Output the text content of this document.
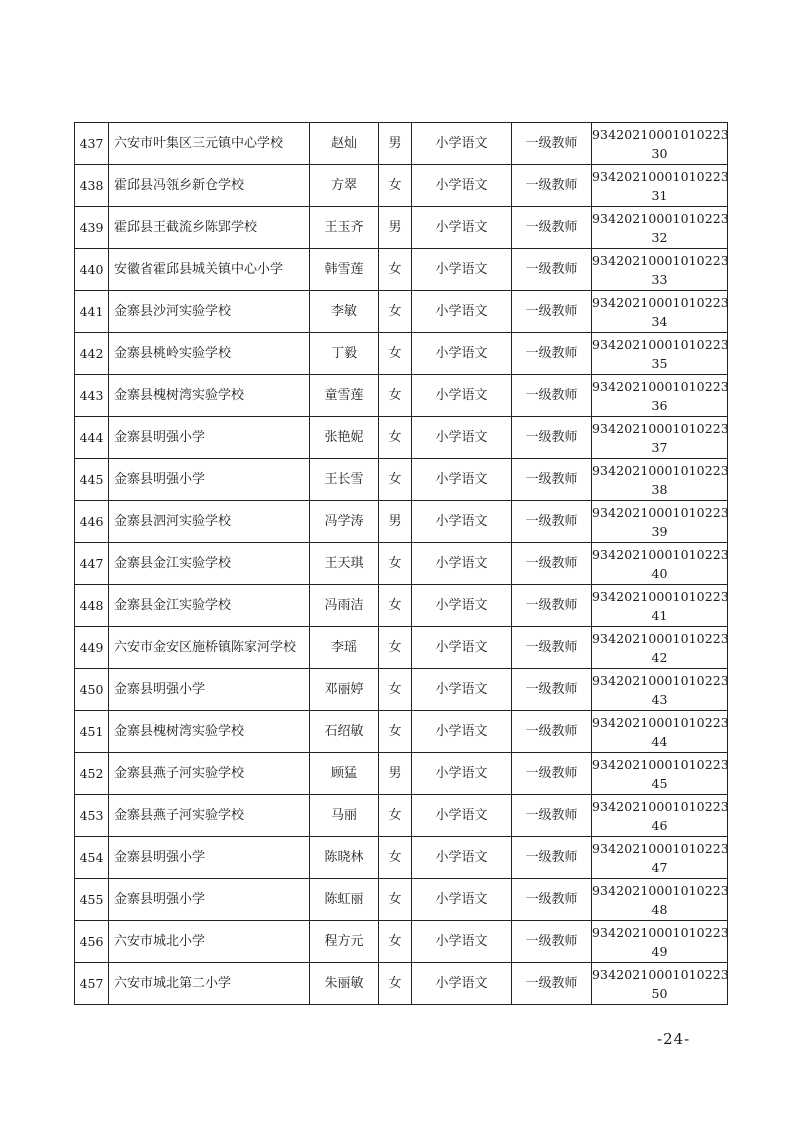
437	六安市叶集区三元镇中心学校	赵灿	男	小学语文	一级教师	93420210001010223
30

438	霍邱县冯瓴乡新仓学校	方翠	女	小学语文	一级教师	93420210001010223
31

439	霍邱县王截流乡陈郢学校	王玉齐	男	小学语文	一级教师	93420210001010223
32

440	安徽省霍邱县城关镇中心小学	韩雪莲	女	小学语文	一级教师	93420210001010223
33

441	金寨县沙河实验学校	李敏	女	小学语文	一级教师	93420210001010223
34

442	金寨县桃岭实验学校	丁毅	女	小学语文	一级教师	93420210001010223
35

443	金寨县槐树湾实验学校	童雪莲	女	小学语文	一级教师	93420210001010223
36

444	金寨县明强小学	张艳妮	女	小学语文	一级教师	93420210001010223
37

445	金寨县明强小学	王长雪	女	小学语文	一级教师	93420210001010223
38

446	金寨县泗河实验学校	冯学涛	男	小学语文	一级教师	93420210001010223
39

447	金寨县金江实验学校	王天琪	女	小学语文	一级教师	93420210001010223
40

448	金寨县金江实验学校	冯雨洁	女	小学语文	一级教师	93420210001010223
41

449	六安市金安区施桥镇陈家河学校	李瑶	女	小学语文	一级教师	93420210001010223
42

450	金寨县明强小学	邓丽婷	女	小学语文	一级教师	93420210001010223
43

451	金寨县槐树湾实验学校	石绍敏	女	小学语文	一级教师	93420210001010223
44

452	金寨县燕子河实验学校	顾猛	男	小学语文	一级教师	93420210001010223
45

453	金寨县燕子河实验学校	马丽	女	小学语文	一级教师	93420210001010223
46

454	金寨县明强小学	陈晓林	女	小学语文	一级教师	93420210001010223
47

455	金寨县明强小学	陈虹丽	女	小学语文	一级教师	93420210001010223
48

456	六安市城北小学	程方元	女	小学语文	一级教师	93420210001010223
49

457	六安市城北第二小学	朱丽敏	女	小学语文	一级教师	93420210001010223
50
-24-
